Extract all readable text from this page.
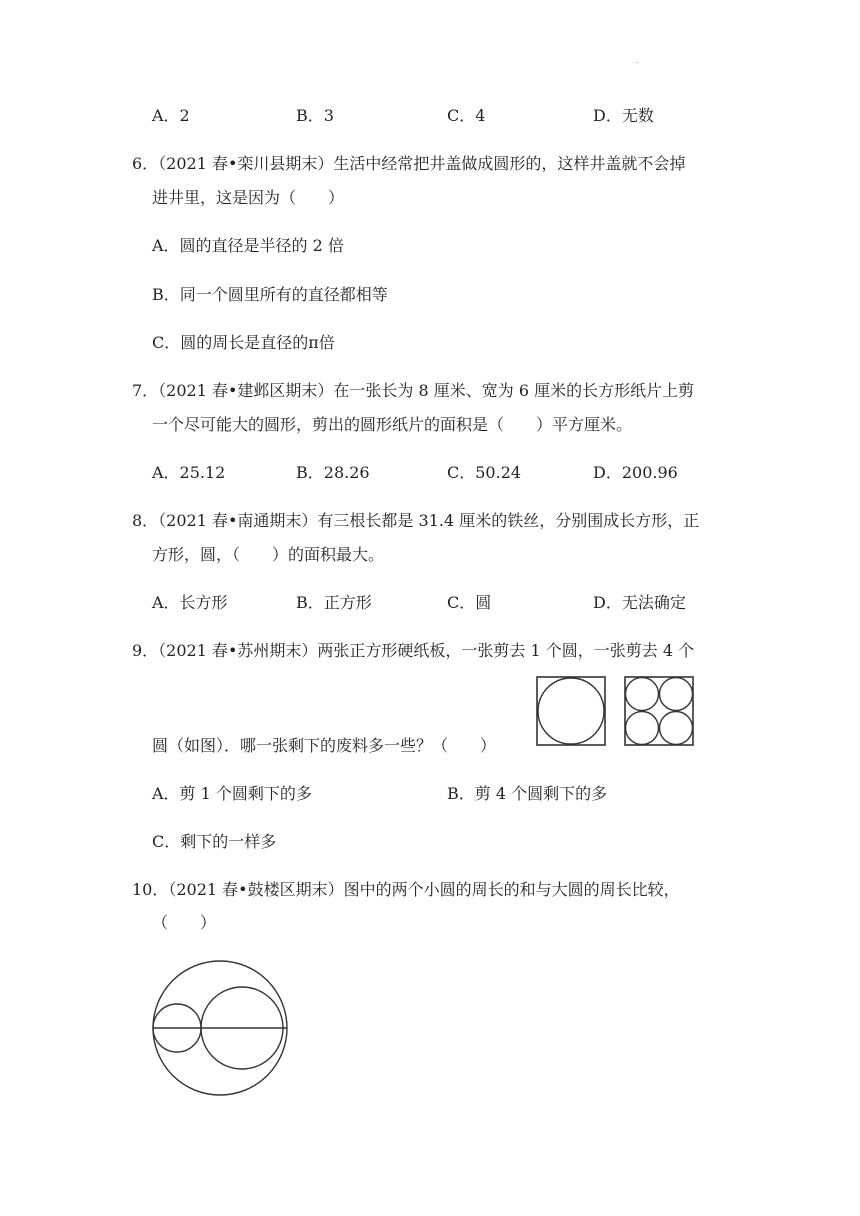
.
A．2	B．3	C．4	D．无数
6．（2021 春•栾川县期末）生活中经常把井盖做成圆形的，这样井盖就不会掉
进井里，这是因为（　　）
A．圆的直径是半径的 2 倍
B．同一个圆里所有的直径都相等
C．圆的周长是直径的π倍
7．（2021 春•建邺区期末）在一张长为 8 厘米、宽为 6 厘米的长方形纸片上剪
一个尽可能大的圆形，剪出的圆形纸片的面积是（　　）平方厘米。
A．25.12	B．28.26	C．50.24	D．200.96
8．（2021 春•南通期末）有三根长都是 31.4 厘米的铁丝，分别围成长方形，正
方形，圆，（　　）的面积最大。
A．长方形	B．正方形	C．圆	D．无法确定
9．（2021 春•苏州期末）两张正方形硬纸板，一张剪去 1 个圆，一张剪去 4 个
圆（如图）．哪一张剩下的废料多一些？（　　）
A．剪 1 个圆剩下的多	B．剪 4 个圆剩下的多
C．剩下的一样多
10．（2021 春•鼓楼区期末）图中的两个小圆的周长的和与大圆的周长比较，
（　　）
